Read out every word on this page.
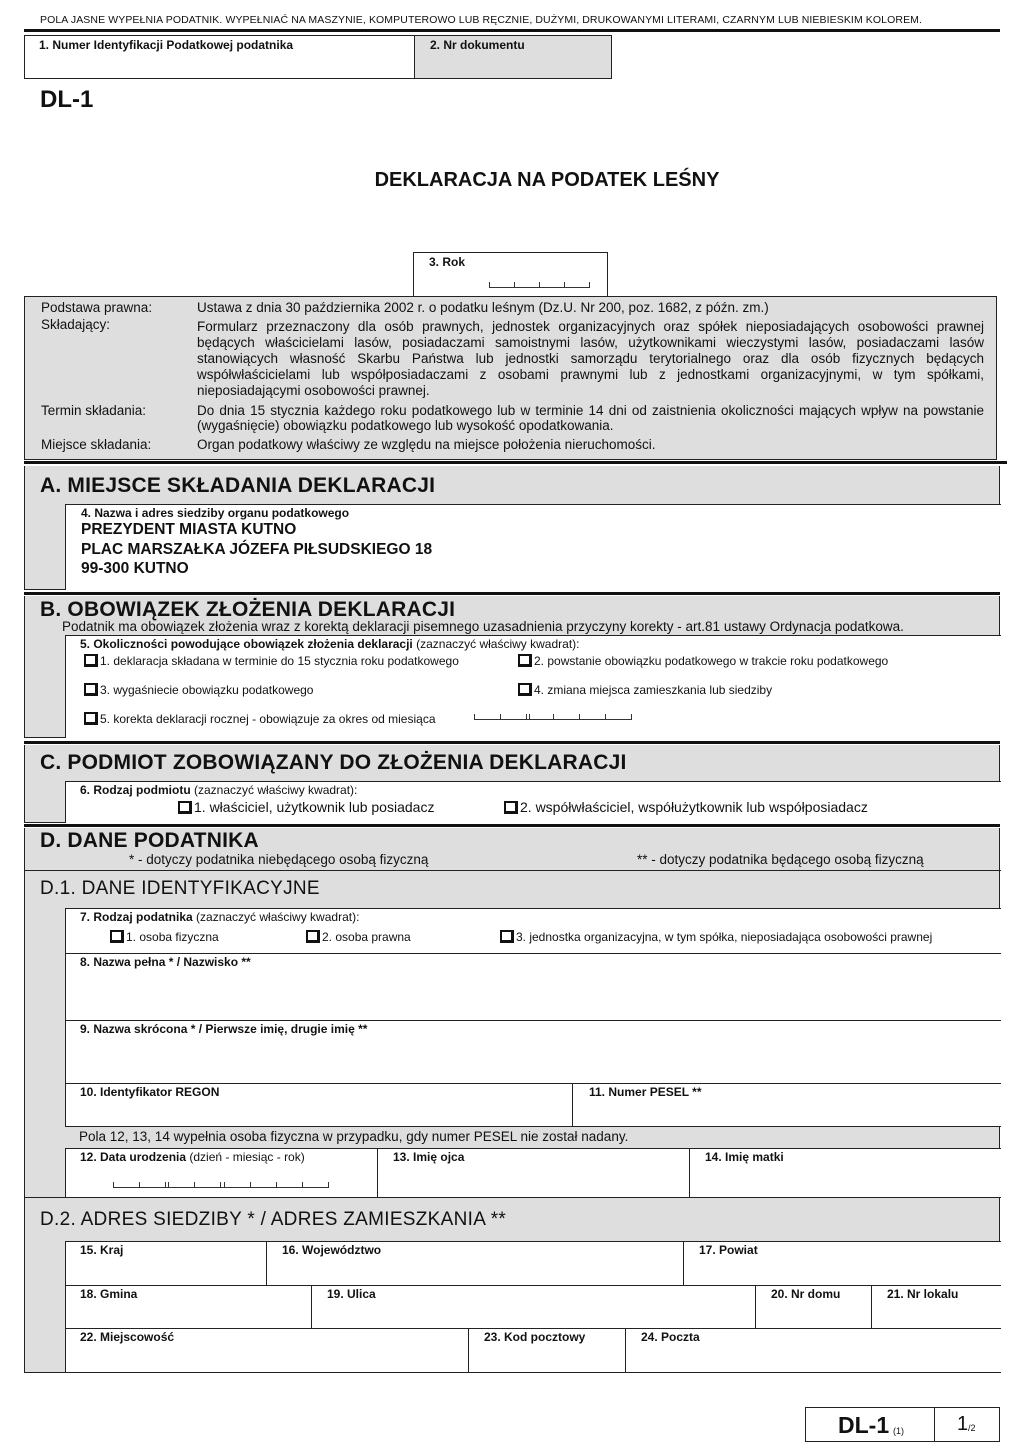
POLA JASNE WYPEŁNIA PODATNIK. WYPEŁNIAĆ NA MASZYNIE, KOMPUTEROWO LUB RĘCZNIE, DUŻYMI, DRUKOWANYMI LITERAMI, CZARNYM LUB NIEBIESKIM KOLOREM.
1. Numer Identyfikacji Podatkowej podatnika	2. Nr dokumentu
DL-1
DEKLARACJA NA PODATEK LEŚNY
3. Rok
Podstawa prawna:	Ustawa z dnia 30 października 2002 r. o podatku leśnym (Dz.U. Nr 200, poz. 1682, z późn. zm.)
Składający:	Formularz przeznaczony dla osób prawnych, jednostek organizacyjnych oraz spółek nieposiadających osobowości prawnej będących właścicielami lasów, posiadaczami samoistnymi lasów, użytkownikami wieczystymi lasów, posiadaczami lasów stanowiących własność Skarbu Państwa lub jednostki samorządu terytorialnego oraz dla osób fizycznych będących współwłaścicielami lub współposiadaczami z osobami prawnymi lub z jednostkami organizacyjnymi, w tym spółkami, nieposiadającymi osobowości prawnej.
Termin składania:	Do dnia 15 stycznia każdego roku podatkowego lub w terminie 14 dni od zaistnienia okoliczności mających wpływ na powstanie (wygaśnięcie) obowiązku podatkowego lub wysokość opodatkowania.
Miejsce składania:	Organ podatkowy właściwy ze względu na miejsce położenia nieruchomości.
A. MIEJSCE SKŁADANIA DEKLARACJI
4. Nazwa i adres siedziby organu podatkowego
PREZYDENT MIASTA KUTNO
PLAC MARSZAŁKA JÓZEFA PIŁSUDSKIEGO 18
99-300 KUTNO
B. OBOWIĄZEK ZŁOŻENIA DEKLARACJI
Podatnik ma obowiązek złożenia wraz z korektą deklaracji pisemnego uzasadnienia przyczyny korekty - art.81 ustawy Ordynacja podatkowa.
5. Okoliczności powodujące obowiązek złożenia deklaracji (zaznaczyć właściwy kwadrat):
1. deklaracja składana w terminie do 15 stycznia roku podatkowego	2. powstanie obowiązku podatkowego w trakcie roku podatkowego
3. wygaśniecie obowiązku podatkowego	4. zmiana miejsca zamieszkania lub siedziby
5. korekta deklaracji rocznej - obowiązuje za okres od miesiąca
C. PODMIOT ZOBOWIĄZANY DO ZŁOŻENIA DEKLARACJI
6. Rodzaj podmiotu (zaznaczyć właściwy kwadrat):
1. właściciel, użytkownik lub posiadacz	2. współwłaściciel, współużytkownik lub współposiadacz
D. DANE PODATNIKA
* - dotyczy podatnika niebędącego osobą fizyczną	** - dotyczy podatnika będącego osobą fizyczną
D.1. DANE IDENTYFIKACYJNE
7. Rodzaj podatnika (zaznaczyć właściwy kwadrat):
1. osoba fizyczna	2. osoba prawna	3. jednostka organizacyjna, w tym spółka, nieposiadająca osobowości prawnej
8. Nazwa pełna * / Nazwisko **
9. Nazwa skrócona * / Pierwsze imię, drugie imię **
10. Identyfikator REGON	11. Numer PESEL **
Pola 12, 13, 14 wypełnia osoba fizyczna w przypadku, gdy numer PESEL nie został nadany.
12. Data urodzenia (dzień - miesiąc - rok)	13. Imię ojca	14. Imię matki
D.2. ADRES SIEDZIBY * / ADRES ZAMIESZKANIA **
15. Kraj	16. Województwo	17. Powiat
18. Gmina	19. Ulica	20. Nr domu	21. Nr lokalu
22. Miejscowość	23. Kod pocztowy	24. Poczta
DL-1 (1)	1 /2
